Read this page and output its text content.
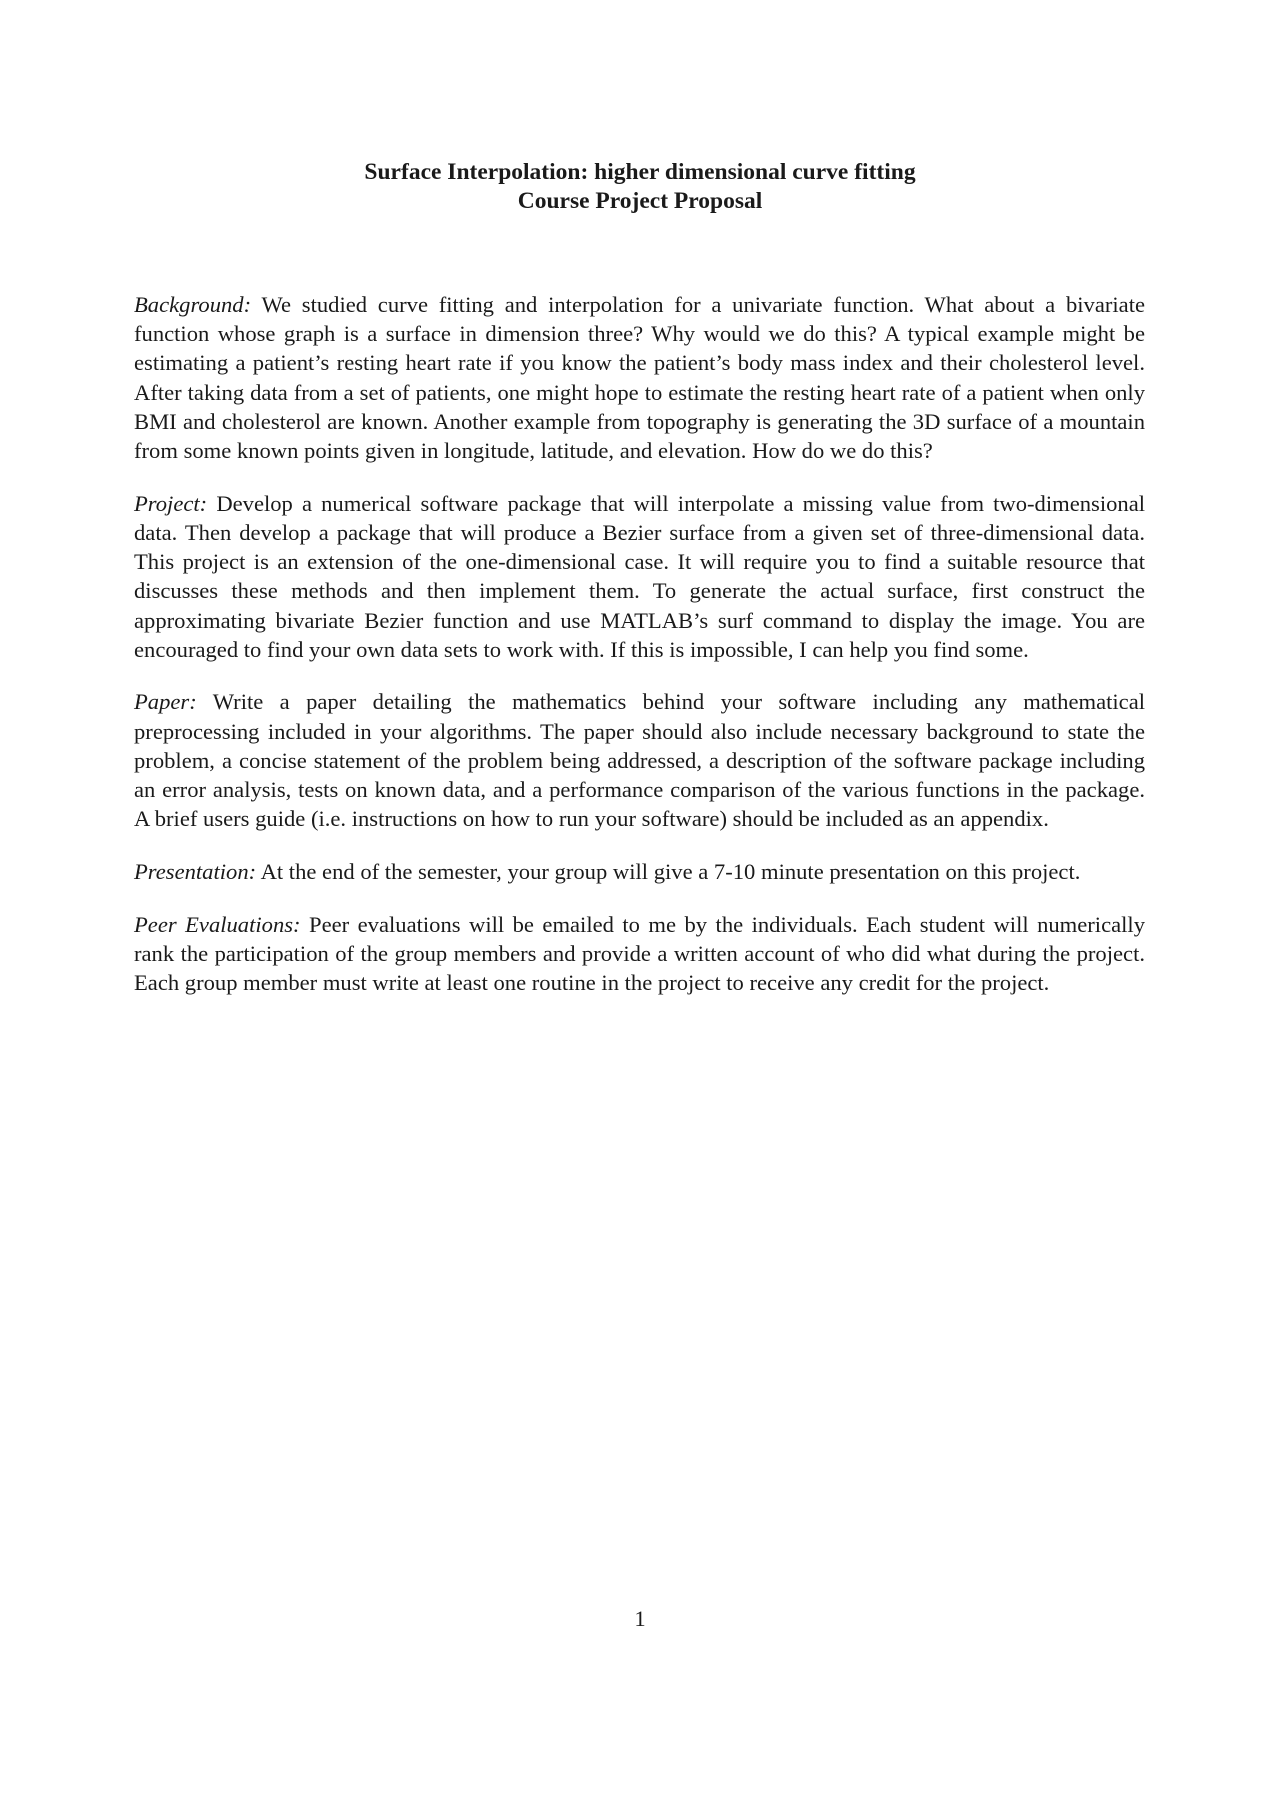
Surface Interpolation: higher dimensional curve fitting
Course Project Proposal

Background: We studied curve fitting and interpolation for a univariate function. What about a bivariate function whose graph is a surface in dimension three? Why would we do this? A typical example might be estimating a patient’s resting heart rate if you know the patient’s body mass index and their cholesterol level. After taking data from a set of patients, one might hope to estimate the resting heart rate of a patient when only BMI and cholesterol are known. Another example from topography is generating the 3D surface of a mountain from some known points given in longitude, latitude, and elevation. How do we do this?

Project: Develop a numerical software package that will interpolate a missing value from two-dimensional data. Then develop a package that will produce a Bezier surface from a given set of three-dimensional data. This project is an extension of the one-dimensional case. It will require you to find a suitable resource that discusses these methods and then implement them. To generate the actual surface, first construct the approximating bivariate Bezier function and use MATLAB’s surf command to display the image. You are encouraged to find your own data sets to work with. If this is impossible, I can help you find some.

Paper: Write a paper detailing the mathematics behind your software including any mathematical preprocessing included in your algorithms. The paper should also include necessary background to state the problem, a concise statement of the problem being addressed, a description of the software package including an error analysis, tests on known data, and a performance comparison of the various functions in the package. A brief users guide (i.e. instructions on how to run your software) should be included as an appendix.

Presentation: At the end of the semester, your group will give a 7-10 minute presentation on this project.

Peer Evaluations: Peer evaluations will be emailed to me by the individuals. Each student will numerically rank the participation of the group members and provide a written account of who did what during the project. Each group member must write at least one routine in the project to receive any credit for the project.

1
